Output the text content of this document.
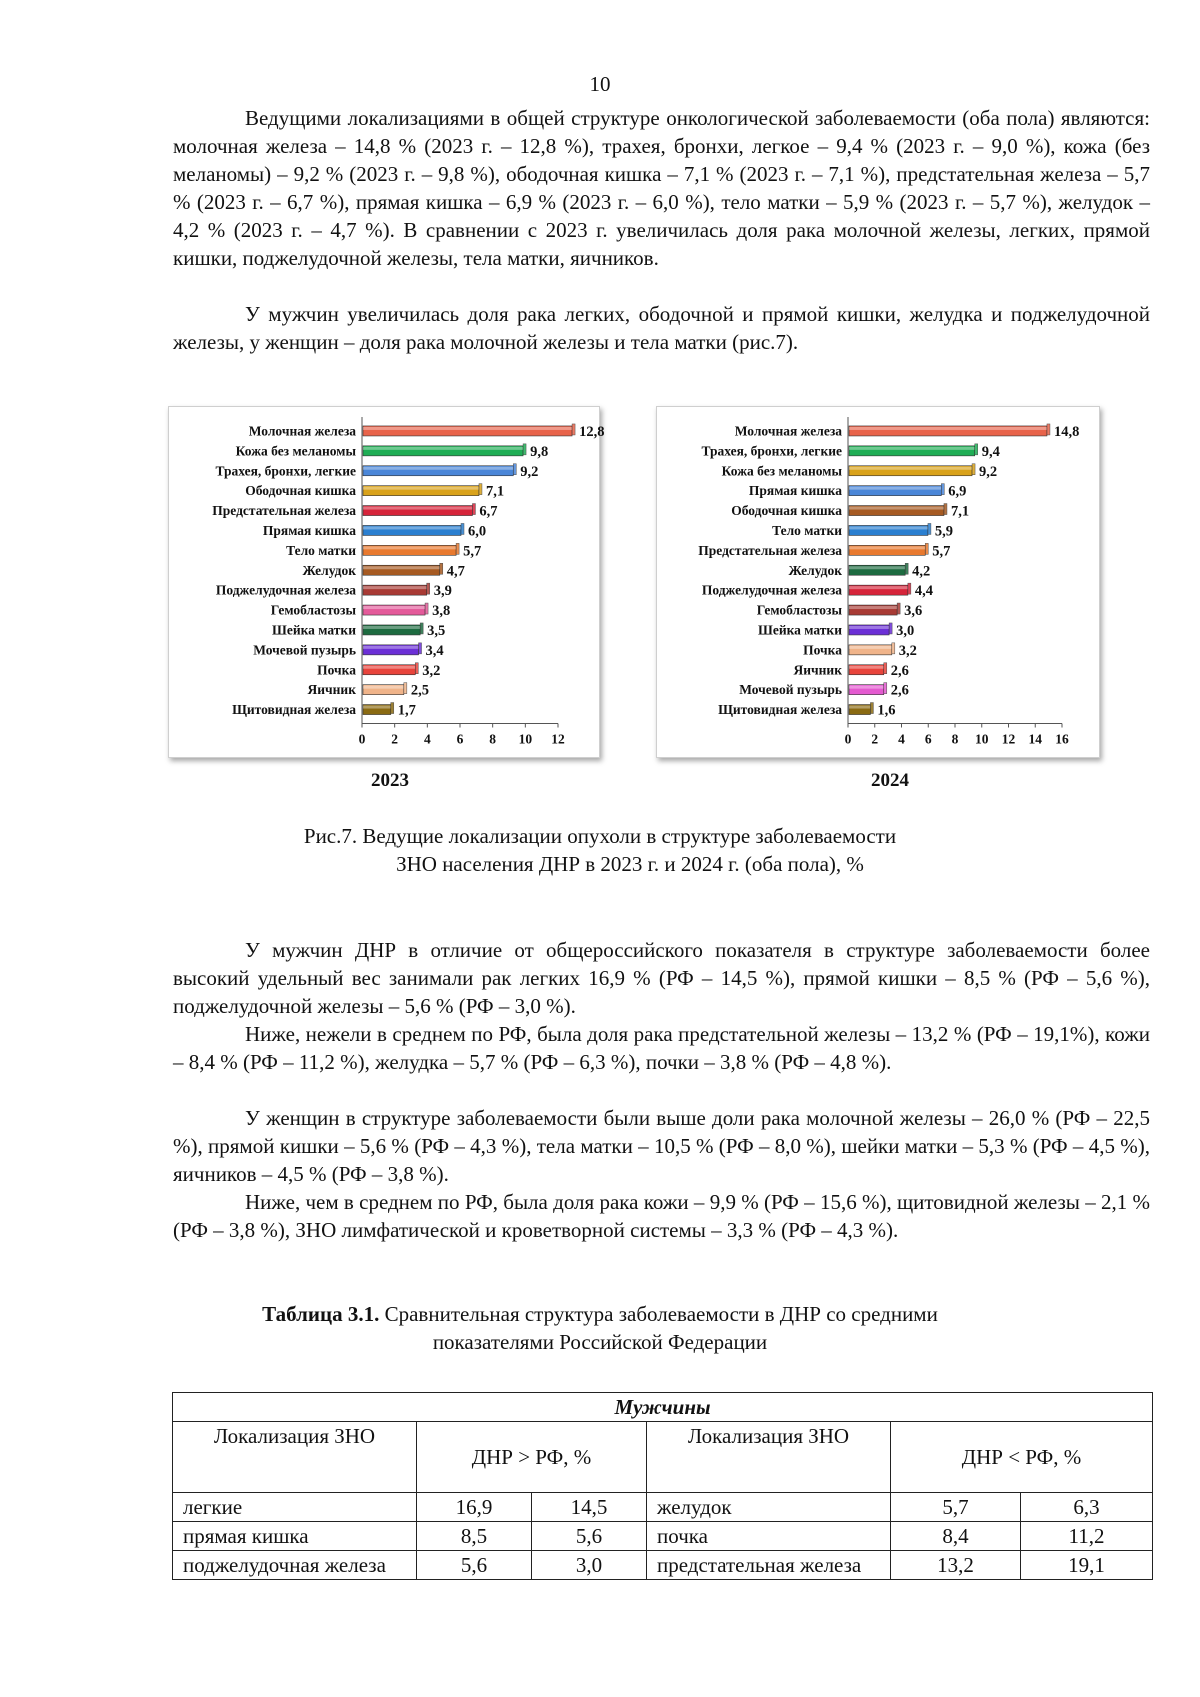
10

Ведущими локализациями в общей структуре онкологической заболеваемости (оба пола) являются: молочная железа – 14,8 % (2023 г. – 12,8 %), трахея, бронхи, легкое – 9,4 % (2023 г. – 9,0 %), кожа (без меланомы) – 9,2 % (2023 г. – 9,8 %), ободочная кишка – 7,1 % (2023 г. – 7,1 %), предстательная железа – 5,7 % (2023 г. – 6,7 %), прямая кишка – 6,9 % (2023 г. – 6,0 %), тело матки – 5,9 % (2023 г. – 5,7 %), желудок – 4,2 % (2023 г. – 4,7 %). В сравнении с 2023 г. увеличилась доля рака молочной железы, легких, прямой кишки, поджелудочной железы, тела матки, яичников.

У мужчин увеличилась доля рака легких, ободочной и прямой кишки, желудка и поджелудочной железы, у женщин – доля рака молочной железы и тела матки (рис.7).

Молочная железа	12,8
Кожа без меланомы	9,8
Трахея, бронхи, легкие	9,2
Ободочная кишка	7,1
Предстательная железа	6,7
Прямая кишка	6,0
Тело матки	5,7
Желудок	4,7
Поджелудочная железа	3,9
Гемобластозы	3,8
Шейка матки	3,5
Мочевой пузырь	3,4
Почка	3,2
Яичник	2,5
Щитовидная железа	1,7
0 2 4 6 8 10 12
Молочная железа	14,8
Трахея, бронхи, легкие	9,4
Кожа без меланомы	9,2
Прямая кишка	6,9
Ободочная кишка	7,1
Тело матки	5,9
Предстательная железа	5,7
Желудок	4,2
Поджелудочная железа	4,4
Гемобластозы	3,6
Шейка матки	3,0
Почка	3,2
Яичник	2,6
Мочевой пузырь	2,6
Щитовидная железа 1,6
0 2 4 6 8 10 12 14 16
2023	2024
Рис.7. Ведущие локализации опухоли в структуре заболеваемости
ЗНО населения ДНР в 2023 г. и 2024 г. (оба пола), %

У мужчин ДНР в отличие от общероссийского показателя в структуре заболеваемости более высокий удельный вес занимали рак легких 16,9 % (РФ – 14,5 %), прямой кишки – 8,5 % (РФ – 5,6 %), поджелудочной железы – 5,6 % (РФ – 3,0 %).

Ниже, нежели в среднем по РФ, была доля рака предстательной железы – 13,2 % (РФ – 19,1%), кожи – 8,4 % (РФ – 11,2 %), желудка – 5,7 % (РФ – 6,3 %), почки – 3,8 % (РФ – 4,8 %).

У женщин в структуре заболеваемости были выше доли рака молочной железы – 26,0 % (РФ – 22,5 %), прямой кишки – 5,6 % (РФ – 4,3 %), тела матки – 10,5 % (РФ – 8,0 %), шейки матки – 5,3 % (РФ – 4,5 %), яичников – 4,5 % (РФ – 3,8 %).

Ниже, чем в среднем по РФ, была доля рака кожи – 9,9 % (РФ – 15,6 %), щитовидной железы – 2,1 % (РФ – 3,8 %), ЗНО лимфатической и кроветворной системы – 3,3 % (РФ – 4,3 %).

Таблица 3.1. Сравнительная структура заболеваемости в ДНР со средними
показателями Российской Федерации
Мужчины					
Локализация ЗНО	ДНР > РФ, %		Локализация ЗНО	ДНР < РФ, %	
легкие	16,9	14,5	желудок	5,7	6,3
прямая кишка	8,5	5,6	почка	8,4	11,2
поджелудочная железа	5,6	3,0	предстательная железа	13,2	19,1
